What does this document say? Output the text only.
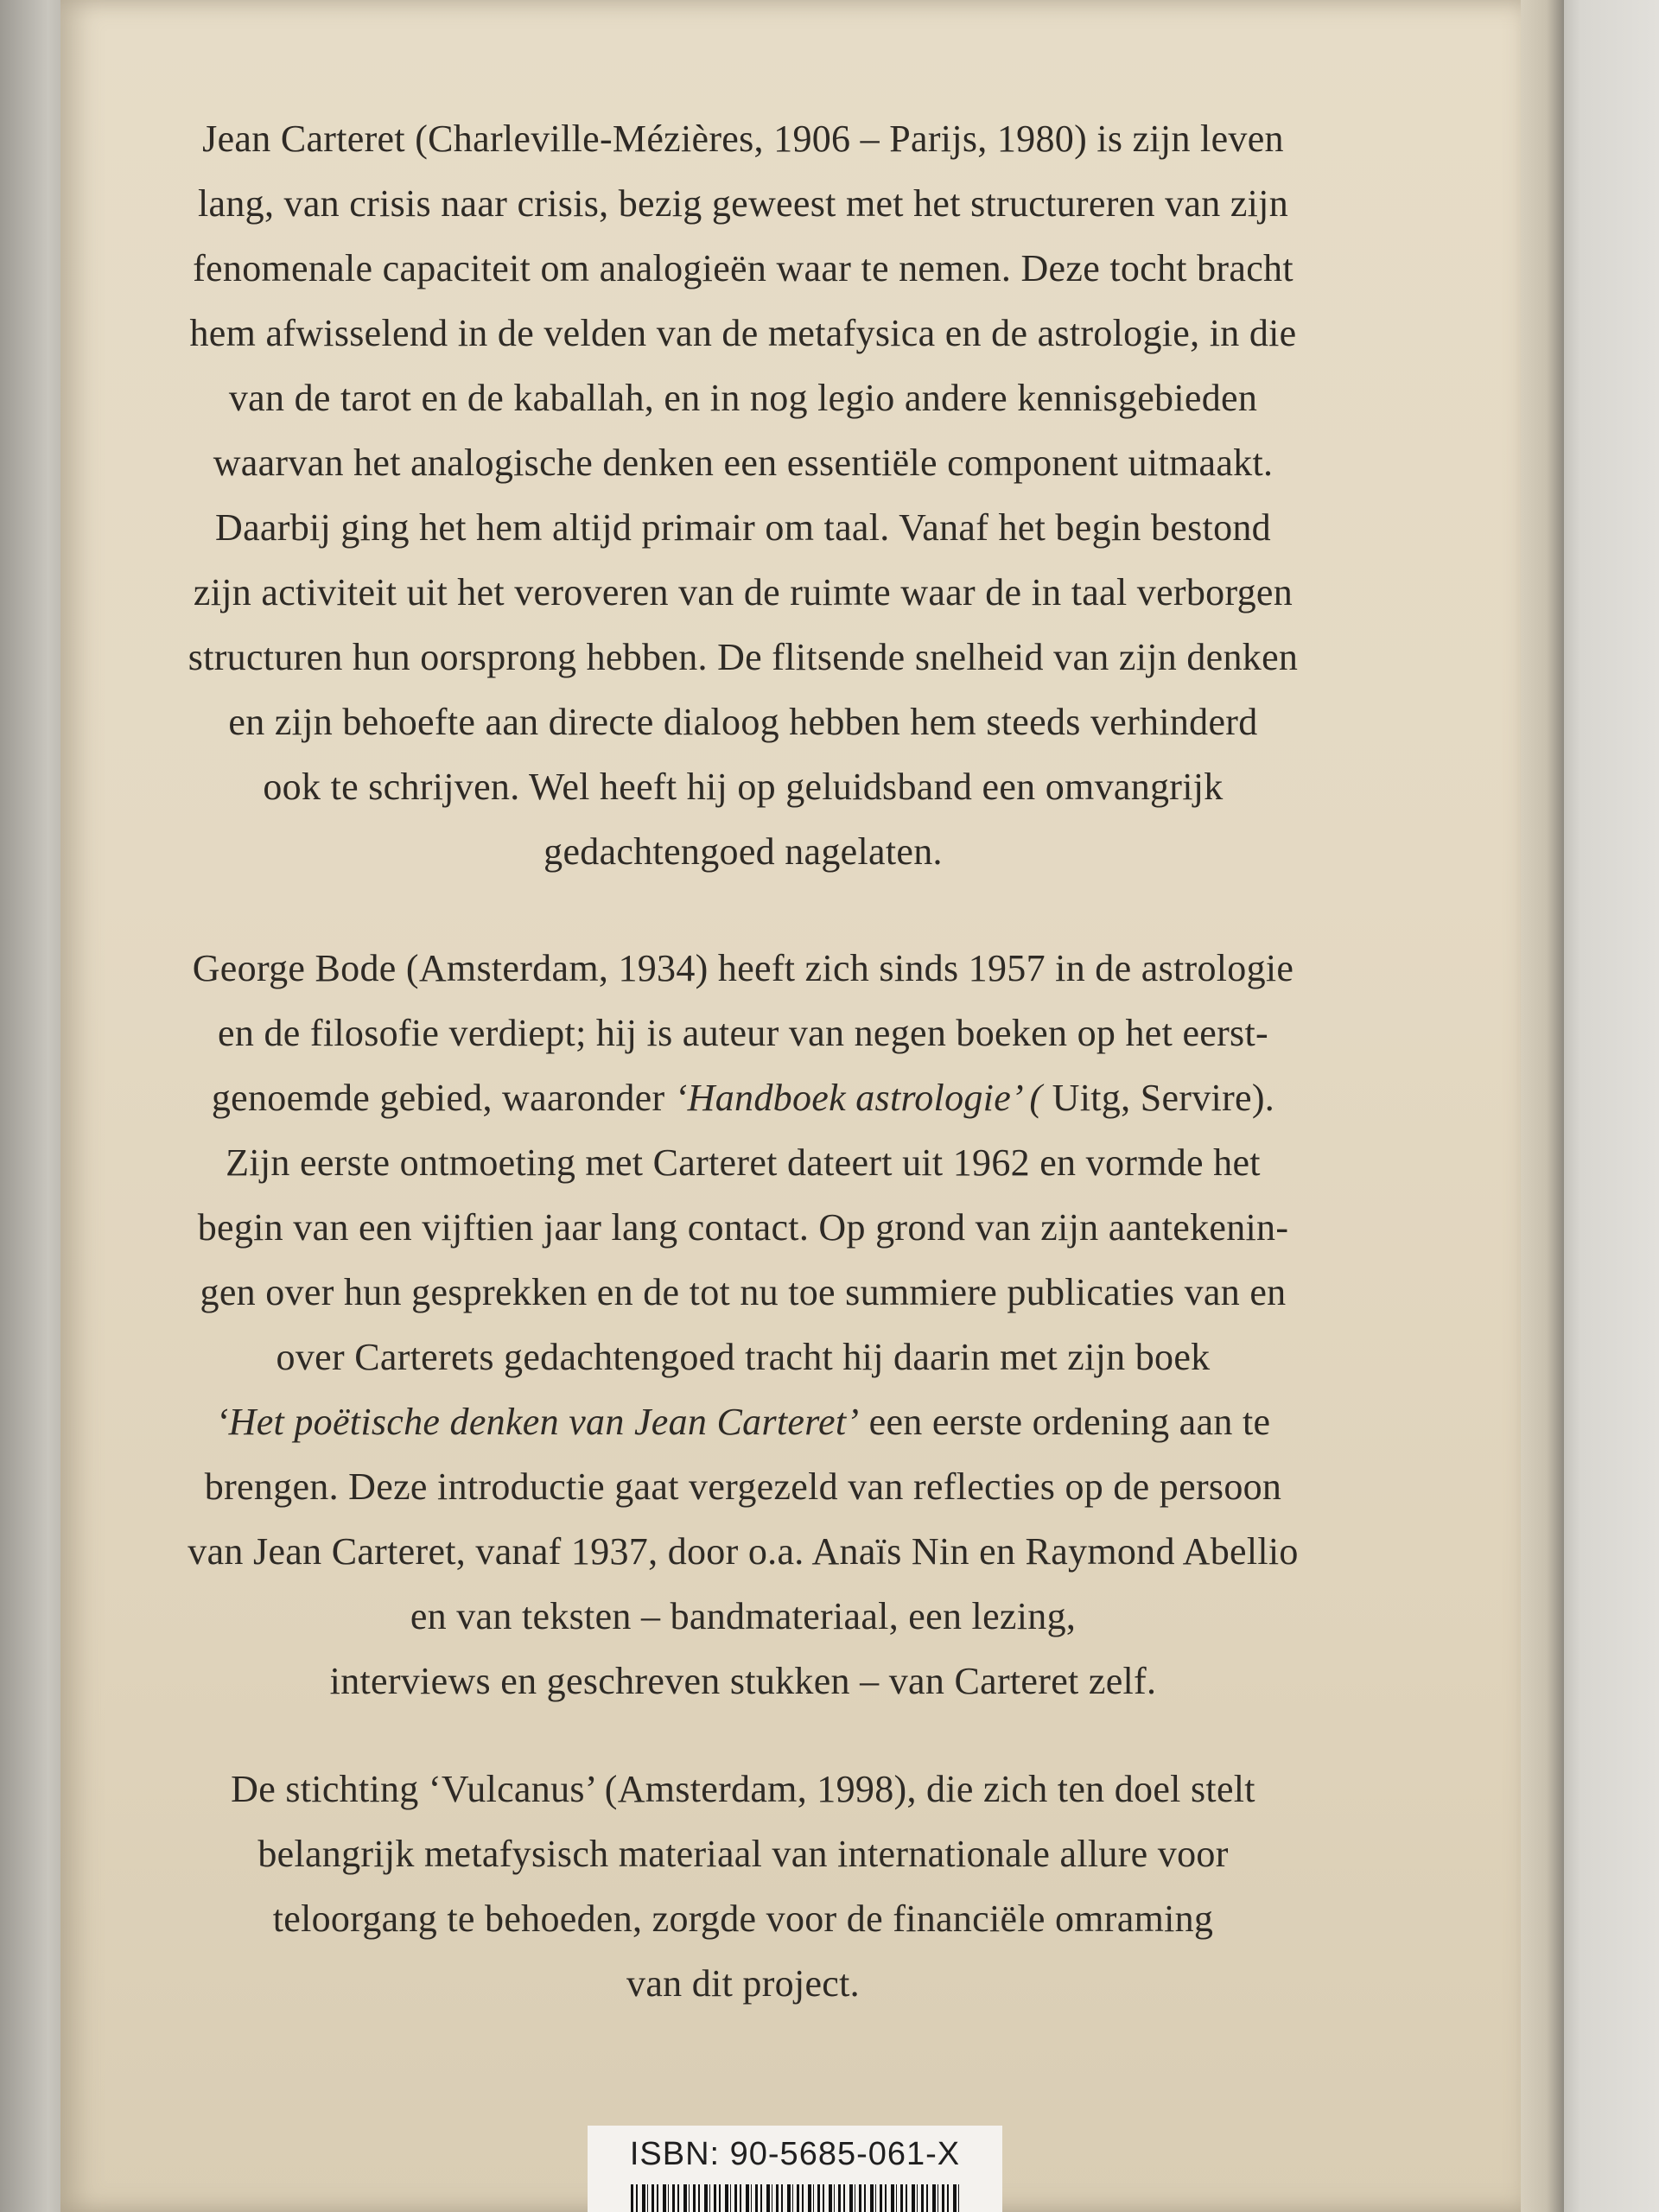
Jean Carteret (Charleville-Mézières, 1906 – Parijs, 1980) is zijn leven
lang, van crisis naar crisis, bezig geweest met het structureren van zijn
fenomenale capaciteit om analogieën waar te nemen. Deze tocht bracht
hem afwisselend in de velden van de metafysica en de astrologie, in die
van de tarot en de kaballah, en in nog legio andere kennisgebieden
waarvan het analogische denken een essentiële component uitmaakt.
Daarbij ging het hem altijd primair om taal. Vanaf het begin bestond
zijn activiteit uit het veroveren van de ruimte waar de in taal verborgen
structuren hun oorsprong hebben. De flitsende snelheid van zijn denken
en zijn behoefte aan directe dialoog hebben hem steeds verhinderd
ook te schrijven. Wel heeft hij op geluidsband een omvangrijk
gedachtengoed nagelaten.
George Bode (Amsterdam, 1934) heeft zich sinds 1957 in de astrologie
en de filosofie verdiept; hij is auteur van negen boeken op het eerst-
genoemde gebied, waaronder ‘Handboek astrologie’ ( Uitg, Servire).
Zijn eerste ontmoeting met Carteret dateert uit 1962 en vormde het
begin van een vijftien jaar lang contact. Op grond van zijn aantekenin-
gen over hun gesprekken en de tot nu toe summiere publicaties van en
over Carterets gedachtengoed tracht hij daarin met zijn boek
‘Het poëtische denken van Jean Carteret’ een eerste ordening aan te
brengen. Deze introductie gaat vergezeld van reflecties op de persoon
van Jean Carteret, vanaf 1937, door o.a. Anaïs Nin en Raymond Abellio
en van teksten – bandmateriaal, een lezing,
interviews en geschreven stukken – van Carteret zelf.
De stichting ‘Vulcanus’ (Amsterdam, 1998), die zich ten doel stelt
belangrijk metafysisch materiaal van internationale allure voor
teloorgang te behoeden, zorgde voor de financiële omraming
van dit project.
ISBN: 90-5685-061-X
